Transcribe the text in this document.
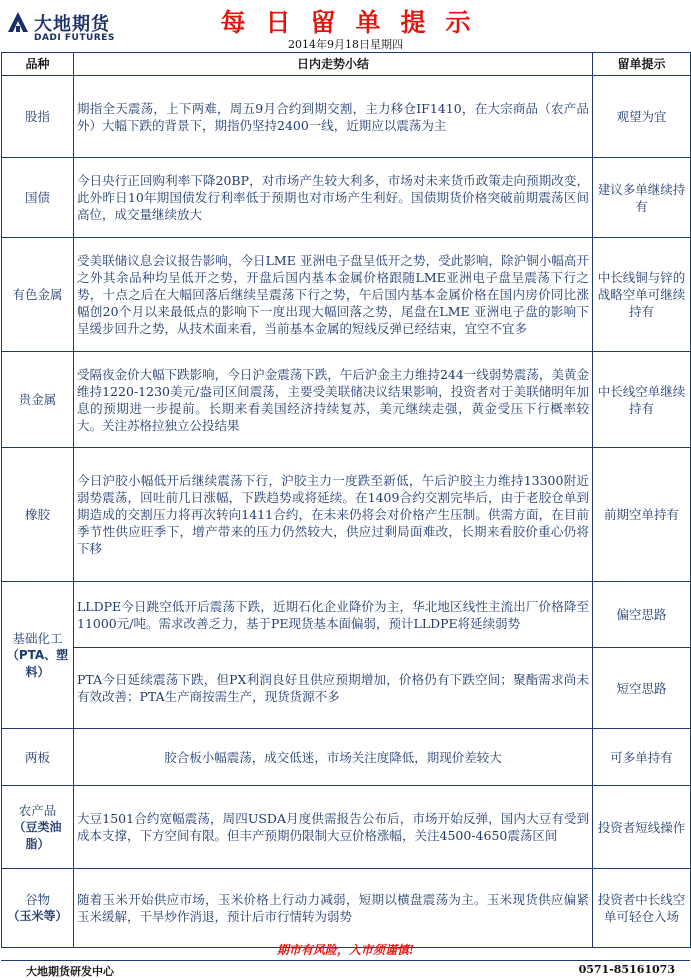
大地期货
DADI FUTURES
每日留单提示
2014年9月18日星期四
品种	日内走势小结	留单提示
股指	期指全天震荡，上下两难，周五9月合约到期交割，主力移仓IF1410，在大宗商品（农产品外）大幅下跌的背景下，期指仍坚持2400一线，近期应以震荡为主	观望为宜
国债	今日央行正回购利率下降20BP，对市场产生较大利多，市场对未来货币政策走向预期改变，此外昨日10年期国债发行利率低于预期也对市场产生利好。国债期货价格突破前期震荡区间高位，成交量继续放大	建议多单继续持有
有色金属	受美联储议息会议报告影响，今日LME 亚洲电子盘呈低开之势，受此影响，除沪铜小幅高开之外其余品种均呈低开之势，开盘后国内基本金属价格跟随LME亚洲电子盘呈震荡下行之势，十点之后在大幅回落后继续呈震荡下行之势，午后国内基本金属价格在国内房价同比涨幅创20个月以来最低点的影响下一度出现大幅回落之势，尾盘在LME 亚洲电子盘的影响下呈缓步回升之势，从技术面来看，当前基本金属的短线反弹已经结束，宜空不宜多	中长线铜与锌的战略空单可继续持有
贵金属	受隔夜金价大幅下跌影响，今日沪金震荡下跌，午后沪金主力维持244一线弱势震荡，美黄金维持1220-1230美元/盎司区间震荡，主要受美联储决议结果影响，投资者对于美联储明年加息的预期进一步提前。长期来看美国经济持续复苏，美元继续走强，黄金受压下行概率较大。关注苏格拉独立公投结果	中长线空单继续持有
橡胶	今日沪胶小幅低开后继续震荡下行，沪胶主力一度跌至新低，午后沪胶主力维持13300附近弱势震荡，回吐前几日涨幅，下跌趋势或将延续。在1409合约交割完毕后，由于老胶仓单到期造成的交割压力将再次转向1411合约，在未来仍将会对价格产生压制。供需方面，在目前季节性供应旺季下，增产带来的压力仍然较大，供应过剩局面难改，长期来看胶价重心仍将下移	前期空单持有
基础化工
（PTA、塑料）	LLDPE今日跳空低开后震荡下跌，近期石化企业降价为主，华北地区线性主流出厂价格降至11000元/吨。需求改善乏力，基于PE现货基本面偏弱，预计LLDPE将延续弱势	偏空思路
	PTA今日延续震荡下跌，但PX利润良好且供应预期增加，价格仍有下跌空间；聚酯需求尚未有效改善；PTA生产商按需生产，现货货源不多	短空思路
两板	胶合板小幅震荡，成交低迷，市场关注度降低，期现价差较大	可多单持有
农产品
（豆类油脂）	大豆1501合约宽幅震荡，周四USDA月度供需报告公布后，市场开始反弹，国内大豆有受到成本支撑，下方空间有限。但丰产预期仍限制大豆价格涨幅，关注4500-4650震荡区间	投资者短线操作
谷物
（玉米等）	随着玉米开始供应市场，玉米价格上行动力减弱，短期以横盘震荡为主。玉米现货供应偏紧玉米缓解，干旱炒作消退，预计后市行情转为弱势	投资者中长线空单可轻仓入场
期市有风险，入市须谨慎!
大地期货研发中心	0571-85161073
